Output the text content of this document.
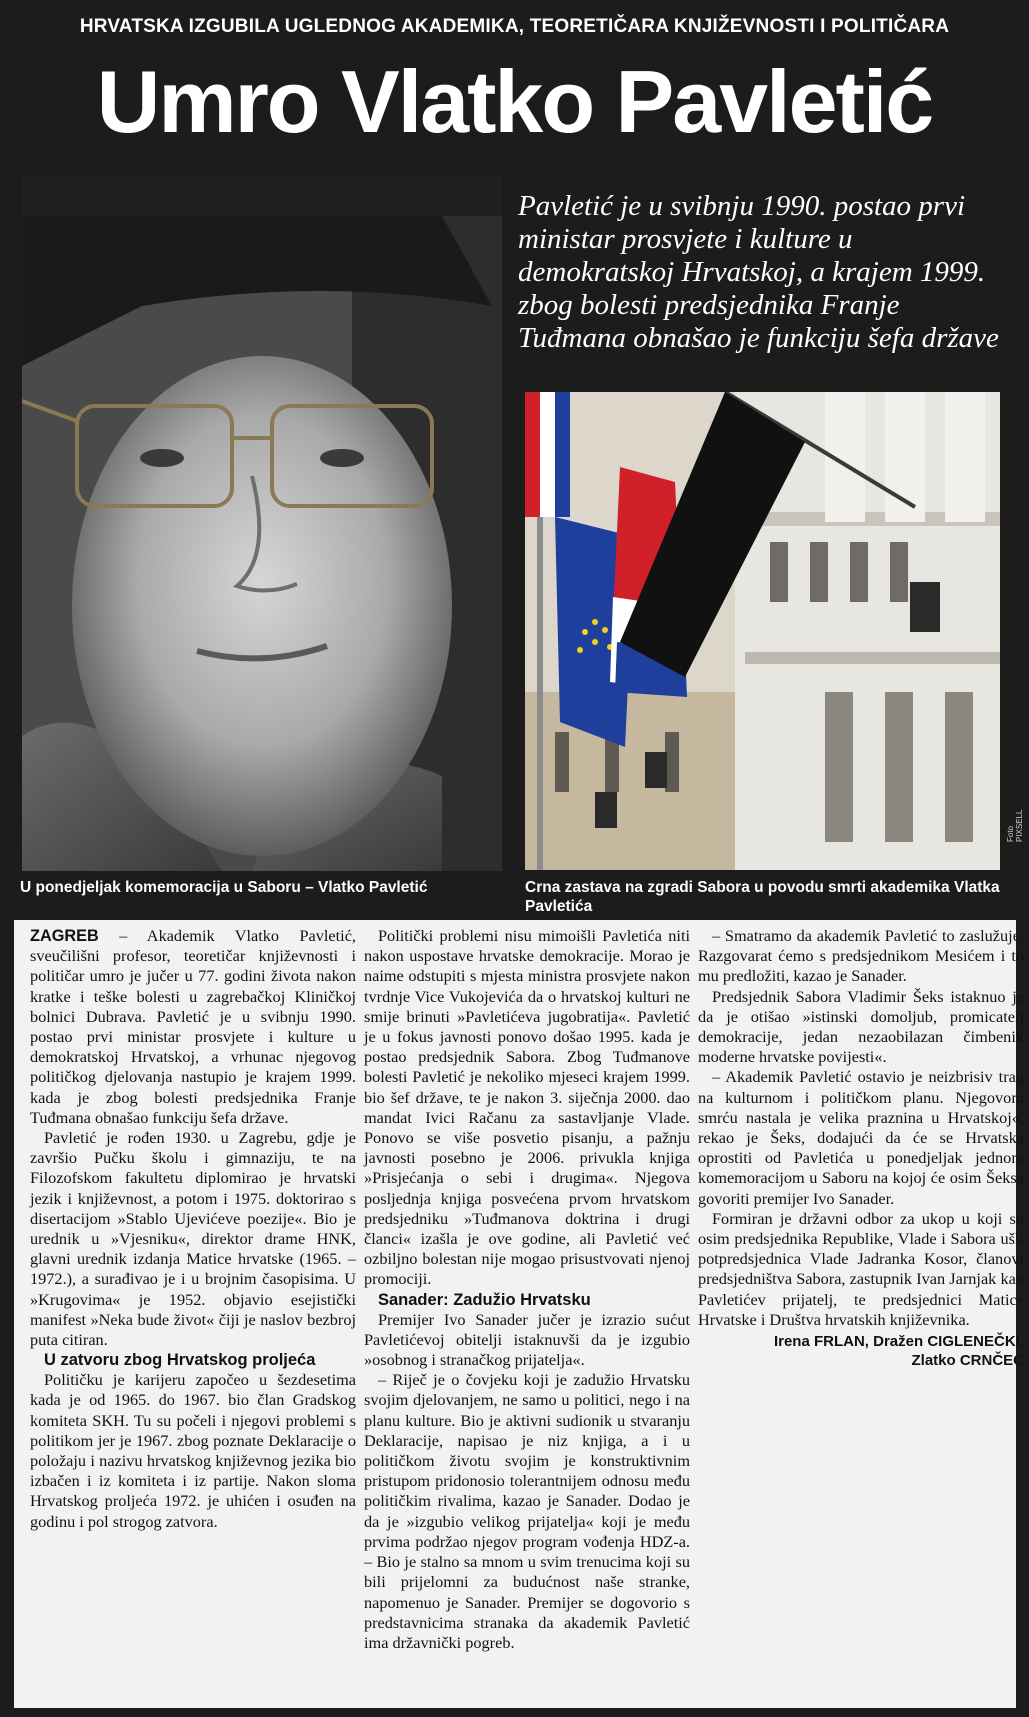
HRVATSKA IZGUBILA UGLEDNOG AKADEMIKA, TEORETIČARA KNJIŽEVNOSTI I POLITIČARA
Umro Vlatko Pavletić
Pavletić je u svibnju 1990. postao prvi ministar prosvjete i kulture u demokratskoj Hrvatskoj, a krajem 1999. zbog bolesti predsjednika Franje Tuđmana obnašao je funkciju šefa države
U ponedjeljak komemoracija u Saboru – Vlatko Pavletić	Crna zastava na zgradi Sabora u povodu smrti akademika Vlatka Pavletića
Foto PIXSELL

ZAGREB – Akademik Vlatko Pavletić, sveučilišni profesor, teoretičar književnosti i političar umro je jučer u 77. godini života nakon kratke i teške bolesti u zagrebačkoj Kliničkoj bolnici Dubrava. Pavletić je u svibnju 1990. postao prvi ministar prosvjete i kulture u demokratskoj Hrvatskoj, a vrhunac njegovog političkog djelovanja nastupio je krajem 1999. kada je zbog bolesti predsjednika Franje Tuđmana obnašao funkciju šefa države.

Pavletić je rođen 1930. u Zagrebu, gdje je završio Pučku školu i gimnaziju, te na Filozofskom fakultetu diplomirao je hrvatski jezik i književnost, a potom i 1975. doktorirao s disertacijom »Stablo Ujevićeve poezije«. Bio je urednik u »Vjesniku«, direktor drame HNK, glavni urednik izdanja Matice hrvatske (1965. – 1972.), a surađivao je i u brojnim časopisima. U »Krugovima« je 1952. objavio esejistički manifest »Neka bude život« čiji je naslov bezbroj puta citiran.

U zatvoru zbog Hrvatskog proljeća

Političku je karijeru započeo u šezdesetima kada je od 1965. do 1967. bio član Gradskog komiteta SKH. Tu su počeli i njegovi problemi s politikom jer je 1967. zbog poznate Deklaracije o položaju i nazivu hrvatskog književnog jezika bio izbačen i iz komiteta i iz partije. Nakon sloma Hrvatskog proljeća 1972. je uhićen i osuđen na godinu i pol strogog zatvora.

Politički problemi nisu mimoišli Pavletića niti nakon uspostave hrvatske demokracije. Morao je naime odstupiti s mjesta ministra prosvjete nakon tvrdnje Vice Vukojevića da o hrvatskoj kulturi ne smije brinuti »Pavletićeva jugobratija«. Pavletić je u fokus javnosti ponovo došao 1995. kada je postao predsjednik Sabora. Zbog Tuđmanove bolesti Pavletić je nekoliko mjeseci krajem 1999. bio šef države, te je nakon 3. siječnja 2000. dao mandat Ivici Račanu za sastavljanje Vlade. Ponovo se više posvetio pisanju, a pažnju javnosti posebno je 2006. privukla knjiga »Prisjećanja o sebi i drugima«. Njegova posljednja knjiga posvećena prvom hrvatskom predsjedniku »Tuđmanova doktrina i drugi članci« izašla je ove godine, ali Pavletić već ozbiljno bolestan nije mogao prisustvovati njenoj promociji.

Sanader: Zadužio Hrvatsku

Premijer Ivo Sanader jučer je izrazio sućut Pavletićevoj obitelji istaknuvši da je izgubio »osobnog i stranačkog prijatelja«.

– Riječ je o čovjeku koji je zadužio Hrvatsku svojim djelovanjem, ne samo u politici, nego i na planu kulture. Bio je aktivni sudionik u stvaranju Deklaracije, napisao je niz knjiga, a i u političkom životu svojim je konstruktivnim pristupom pridonosio tolerantnijem odnosu među političkim rivalima, kazao je Sanader. Dodao je da je »izgubio velikog prijatelja« koji je među prvima podržao njegov program vođenja HDZ-a. – Bio je stalno sa mnom u svim trenucima koji su bili prijelomni za budućnost naše stranke, napomenuo je Sanader. Premijer se dogovorio s predstavnicima stranaka da akademik Pavletić ima državnički pogreb.

– Smatramo da akademik Pavletić to zaslužuje. Razgovarat ćemo s predsjednikom Mesićem i to mu predložiti, kazao je Sanader.

Predsjednik Sabora Vladimir Šeks istaknuo je da je otišao »istinski domoljub, promicatelj demokracije, jedan nezaobilazan čimbenik moderne hrvatske povijesti«.

– Akademik Pavletić ostavio je neizbrisiv trag na kulturnom i političkom planu. Njegovom smrću nastala je velika praznina u Hrvatskoj«, rekao je Šeks, dodajući da će se Hrvatska oprostiti od Pavletića u ponedjeljak jednom komemoracijom u Saboru na kojoj će osim Šeksa govoriti premijer Ivo Sanader.

Formiran je državni odbor za ukop u koji su osim predsjednika Republike, Vlade i Sabora ušli potpredsjednica Vlade Jadranka Kosor, članovi predsjedništva Sabora, zastupnik Ivan Jarnjak kao Pavletićev prijatelj, te predsjednici Matice Hrvatske i Društva hrvatskih književnika.

Irena FRLAN, Dražen CIGLENEČKI,
Zlatko CRNČEC
